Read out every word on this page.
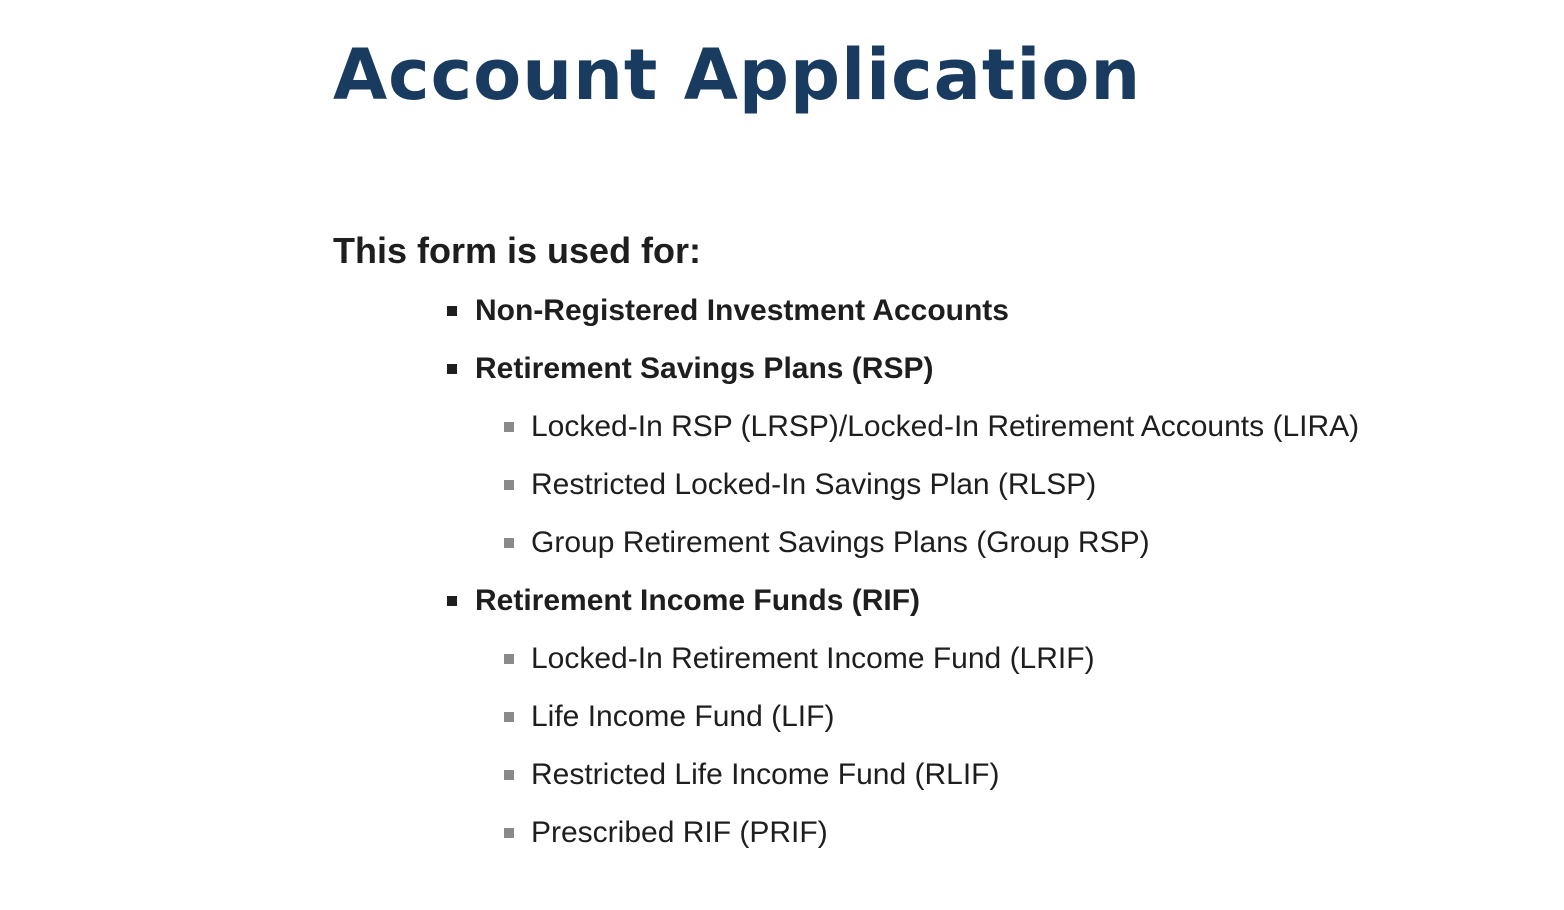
Account Application
This form is used for:
Non-Registered Investment Accounts
Retirement Savings Plans (RSP)
Locked-In RSP (LRSP)/Locked-In Retirement Accounts (LIRA)
Restricted Locked-In Savings Plan (RLSP)
Group Retirement Savings Plans (Group RSP)
Retirement Income Funds (RIF)
Locked-In Retirement Income Fund (LRIF)
Life Income Fund (LIF)
Restricted Life Income Fund (RLIF)
Prescribed RIF (PRIF)
